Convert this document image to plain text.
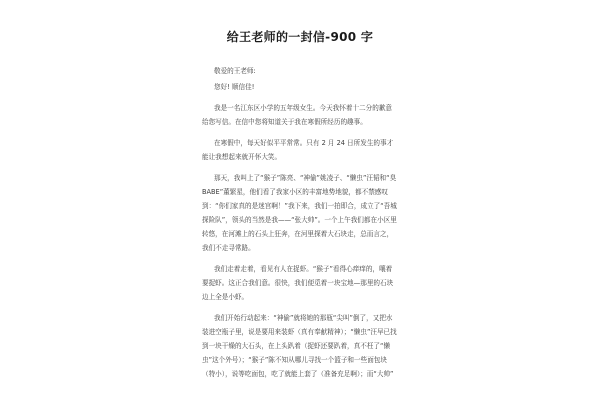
给王老师的一封信-900 字

敬爱的王老师:

您好! 顺信佳!

我是一名江东区小学的五年级女生。今天我怀着十二分的歉意给您写信。在信中您将知道关于我在寒假所经历的趣事。

在寒假中，每天好似平平常常。只有 2 月 24 日所发生的事才能让我想起来就开怀大笑。

那天，我叫上了“猴子”陈亮、“神偷”姚凌子、“懒虫”汪韬和“臭 BABE”董繁星，他们看了我家小区的丰富地势地貌，都不禁感叹到：“你们家真的是迷宫啊！”我下来，我们一拍即合，成立了“吾城探险队”，领头的当然是我——“张大帅”。一个上午我们都在小区里转悠，在河滩上的石头上狂奔，在河里探着大石块走，总而言之，我们不走寻常路。

我们走着走着，看见有人在捉虾。“猴子”看得心痒痒的，嚷着要捉虾。这正合我们意。很快，我们便觅着一块宝地—那里的石块边上全是小虾。

我们开始行动起来：“神偷”就将她的那瓶“尖叫”倒了，又把水装进空瓶子里，说是要用来装虾（真有奉献精神）；“懒虫”汪早已找到一块干燥的大石头，在上头趴着（捉虾还要趴着，真不枉了“懒虫”这个外号）；“猴子”陈不知从哪儿寻找一个篮子和一些面包块（特小），说等吃面包，吃了就能上套了（准备充足啊）；而“大帅”
